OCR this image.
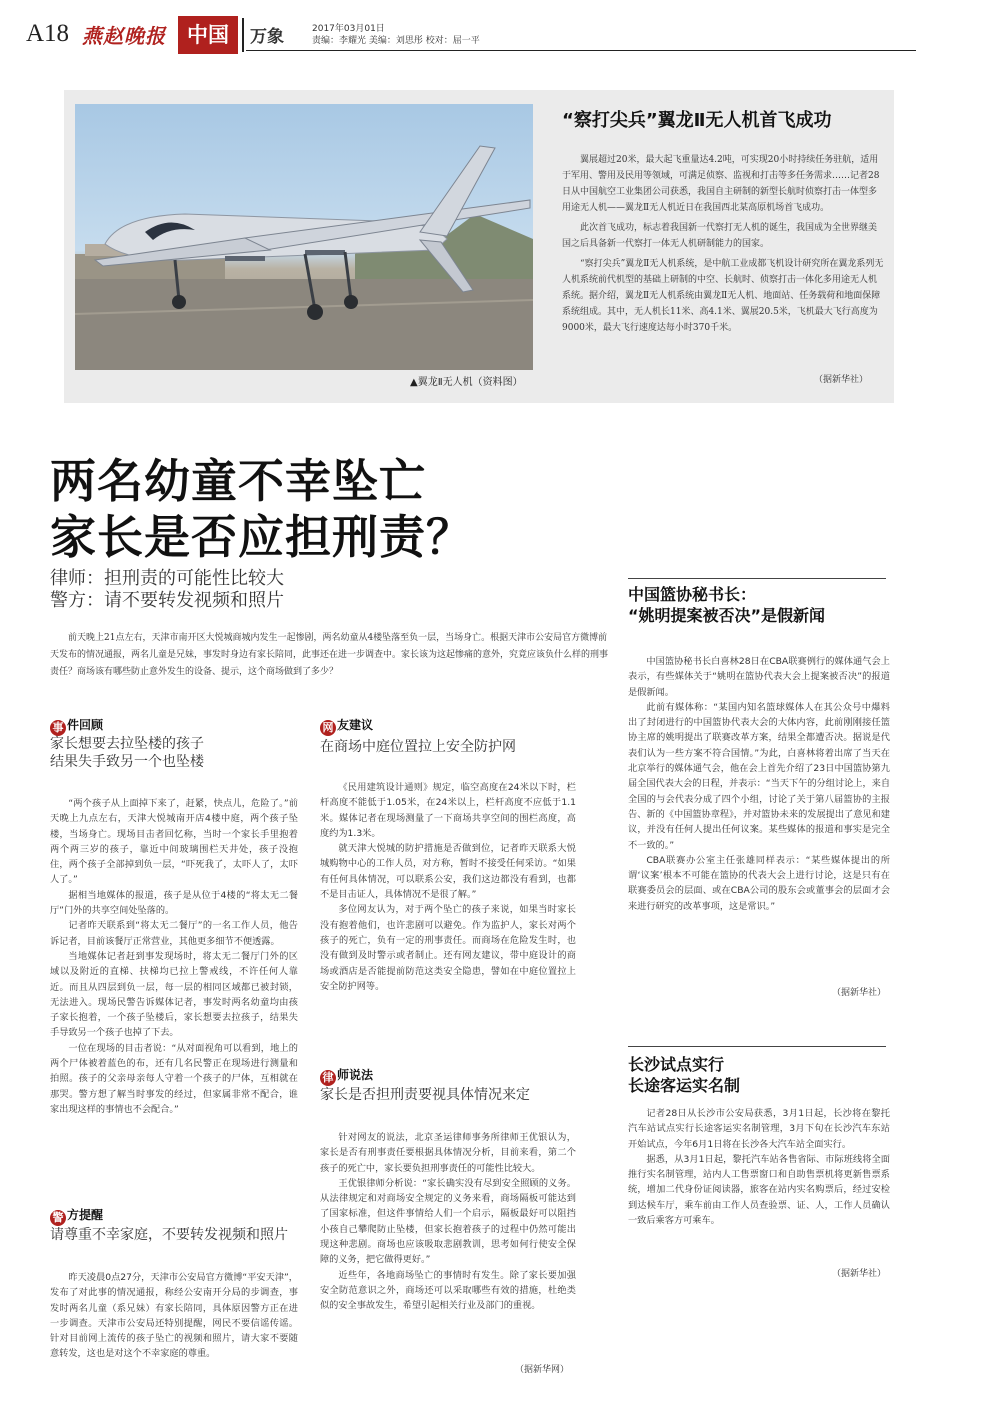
A18 燕赵晚报	中国	万象	2017年03月01日
责编：李耀光 美编：刘思彤 校对：屈一平
▲翼龙Ⅱ无人机（资料图）
“察打尖兵”翼龙Ⅱ无人机首飞成功

翼展超过20米，最大起飞重量达4.2吨，可实现20小时持续任务驻航，适用于军用、警用及民用等领域，可满足侦察、监视和打击等多任务需求……记者28日从中国航空工业集团公司获悉，我国自主研制的新型长航时侦察打击一体型多用途无人机——翼龙Ⅱ无人机近日在我国西北某高原机场首飞成功。

此次首飞成功，标志着我国新一代察打无人机的诞生，我国成为全世界继美国之后具备新一代察打一体无人机研制能力的国家。

“察打尖兵”翼龙Ⅱ无人机系统，是中航工业成都飞机设计研究所在翼龙系列无人机系统前代机型的基础上研制的中空、长航时、侦察打击一体化多用途无人机系统。据介绍，翼龙Ⅱ无人机系统由翼龙Ⅱ无人机、地面站、任务载荷和地面保障系统组成。其中，无人机长11米、高4.1米、翼展20.5米，飞机最大飞行高度为9000米，最大飞行速度达每小时370千米。

（据新华社）
两名幼童不幸坠亡
家长是否应担刑责？
律师：担刑责的可能性比较大
警方：请不要转发视频和照片
前天晚上21点左右，天津市南开区大悦城商城内发生一起惨剧，两名幼童从4楼坠落至负一层，当场身亡。根据天津市公安局官方微博前天发布的情况通报，两名儿童是兄妹，事发时身边有家长陪同，此事还在进一步调查中。家长该为这起惨痛的意外，究竟应该负什么样的刑事责任？商场该有哪些防止意外发生的设备、提示，这个商场做到了多少？
事 件回顾
家长想要去拉坠楼的孩子
结果失手致另一个也坠楼

“两个孩子从上面掉下来了，赶紧，快点儿，危险了。”前天晚上九点左右，天津大悦城南开店4楼中庭，两个孩子坠楼，当场身亡。现场目击者回忆称，当时一个家长手里抱着两个两三岁的孩子，靠近中间玻璃围栏天井处，孩子没抱住，两个孩子全部掉到负一层，“吓死我了，太吓人了，太吓人了。”

据相当地媒体的报道，孩子是从位于4楼的“将太无二餐厅”门外的共享空间处坠落的。

记者昨天联系到“将太无二餐厅”的一名工作人员，他告诉记者，目前该餐厅正常营业，其他更多细节不便透露。

当地媒体记者赶到事发现场时，将太无二餐厅门外的区域以及附近的直梯、扶梯均已拉上警戒线，不许任何人靠近。而且从四层到负一层，每一层的相同区域都已被封锁，无法进入。现场民警告诉媒体记者，事发时两名幼童均由孩子家长抱着，一个孩子坠楼后，家长想要去拉孩子，结果失手导致另一个孩子也掉了下去。

一位在现场的目击者说：“从对面视角可以看到，地上的两个尸体被着蓝色的布，还有几名民警正在现场进行测量和拍照。孩子的父亲母亲每人守着一个孩子的尸体，互相就在那哭。警方想了解当时事发的经过，但家属非常不配合，谁家出现这样的事情也不会配合。”

警 方提醒
请尊重不幸家庭，不要转发视频和照片

昨天凌晨0点27分，天津市公安局官方微博“平安天津”，发布了对此事的情况通报，称经公安南开分局的步调查，事发时两名儿童（系兄妹）有家长陪同，具体原因警方正在进一步调查。天津市公安局还特别提醒，网民不要信谣传谣。针对目前网上流传的孩子坠亡的视频和照片，请大家不要随意转发，这也是对这个不幸家庭的尊重。

网 友建议
在商场中庭位置拉上安全防护网

《民用建筑设计通则》规定，临空高度在24米以下时，栏杆高度不能低于1.05米，在24米以上，栏杆高度不应低于1.1米。媒体记者在现场测量了一下商场共享空间的围栏高度，高度约为1.3米。

就天津大悦城的防护措施是否做到位，记者昨天联系大悦城购物中心的工作人员，对方称，暂时不接受任何采访。“如果有任何具体情况，可以联系公安，我们这边都没有看到，也都不是目击证人，具体情况不是很了解。”

多位网友认为，对于两个坠亡的孩子来说，如果当时家长没有抱着他们，也许悲剧可以避免。作为监护人，家长对两个孩子的死亡，负有一定的刑事责任。而商场在危险发生时，也没有做到及时警示或者制止。还有网友建议，带中庭设计的商场或酒店是否能提前防范这类安全隐患，譬如在中庭位置拉上安全防护网等。

律 师说法
家长是否担刑责要视具体情况来定

针对网友的说法，北京圣运律师事务所律师王优银认为，家长是否有刑事责任要根据具体情况分析，目前来看，第二个孩子的死亡中，家长要负担刑事责任的可能性比较大。

王优银律师分析说：“家长确实没有尽到安全照顾的义务。从法律规定和对商场安全规定的义务来看，商场隔板可能达到了国家标准，但这件事情给人们一个启示，隔板最好可以阻挡小孩自己攀爬防止坠楼，但家长抱着孩子的过程中仍然可能出现这种悲剧。商场也应该吸取悲剧教训，思考如何行使安全保障的义务，把它做得更好。”

近些年，各地商场坠亡的事情时有发生。除了家长要加强安全防范意识之外，商场还可以采取哪些有效的措施，杜绝类似的安全事故发生，希望引起相关行业及部门的重视。

（据新华网）
中国篮协秘书长：
“姚明提案被否决”是假新闻

中国篮协秘书长白喜林28日在CBA联赛例行的媒体通气会上表示，有些媒体关于“姚明在篮协代表大会上提案被否决”的报道是假新闻。

此前有媒体称：“某国内知名篮球媒体人在其公众号中爆料出了封闭进行的中国篮协代表大会的大体内容，此前刚刚接任篮协主席的姚明提出了联赛改革方案，结果全都遭否决。据说是代表们认为一些方案不符合国情。”为此，白喜林将着出席了当天在北京举行的媒体通气会，他在会上首先介绍了23日中国篮协第九届全国代表大会的日程，并表示：“当天下午的分组讨论上，来自全国的与会代表分成了四个小组，讨论了关于第八届篮协的主报告、新的《中国篮协章程》，并对篮协未来的发展提出了意见和建议，并没有任何人提出任何议案。某些媒体的报道和事实是完全不一致的。”

CBA联赛办公室主任张雄同样表示：“某些媒体提出的所谓‘议案’根本不可能在篮协的代表大会上进行讨论，这是只有在联赛委员会的层面、或在CBA公司的股东会或董事会的层面才会来进行研究的改革事项，这是常识。”

（据新华社）
长沙试点实行
长途客运实名制

记者28日从长沙市公安局获悉，3月1日起，长沙将在黎托汽车站试点实行长途客运实名制管理，3月下旬在长沙汽车东站开始试点，今年6月1日将在长沙各大汽车站全面实行。

据悉，从3月1日起，黎托汽车站各售省际、市际班线将全面推行实名制管理，站内人工售票窗口和自助售票机将更新售票系统，增加二代身份证阅读器，旅客在站内实名购票后，经过安检到达候车厅，乘车前由工作人员查验票、证、人，工作人员确认一致后乘客方可乘车。

（据新华社）
